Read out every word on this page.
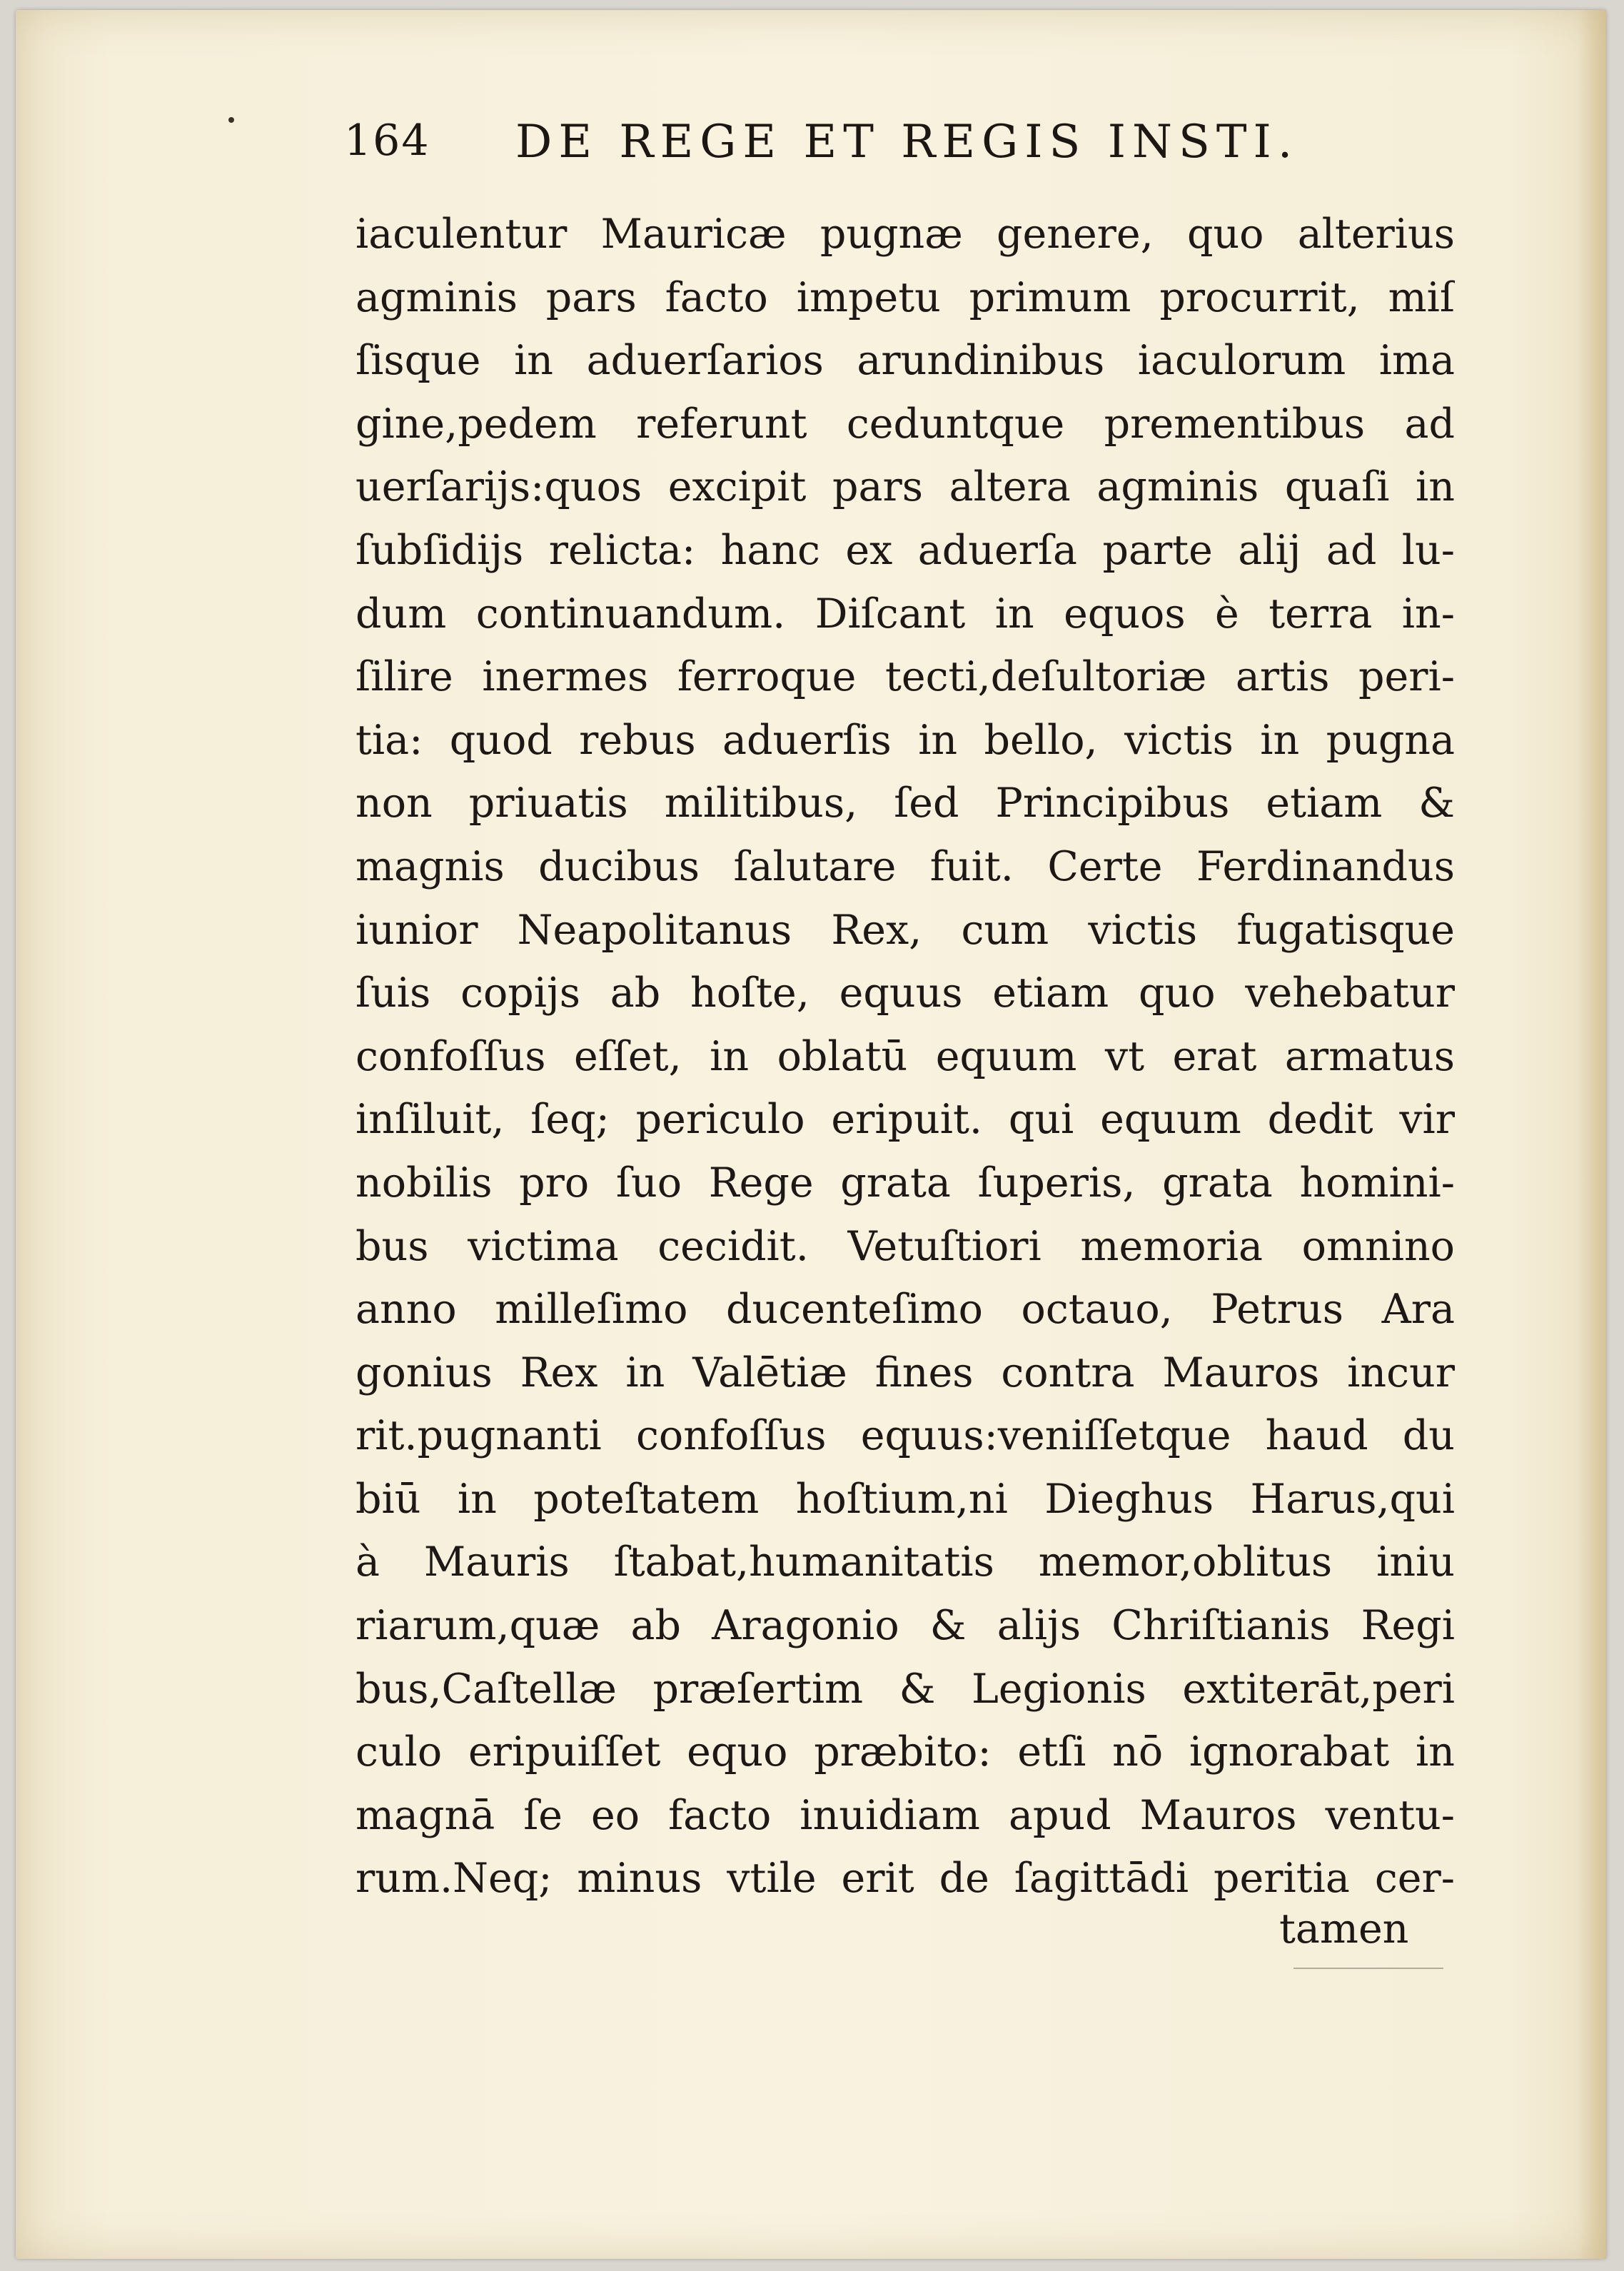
164 DE REGE ET REGIS INSTI.
iaculentur Mauricæ pugnæ genere, quo alterius
agminis pars facto impetu primum procurrit, miſ
ſisque in aduerſarios arundinibus iaculorum ima
gine,pedem referunt ceduntque prementibus ad
uerſarijs:quos excipit pars altera agminis quaſi in
ſubſidijs relicta: hanc ex aduerſa parte alij ad lu-
dum continuandum. Diſcant in equos è terra in-
ſilire inermes ferroque tecti,deſultoriæ artis peri-
tia: quod rebus aduerſis in bello, victis in pugna
non priuatis militibus, ſed Principibus etiam &
magnis ducibus ſalutare fuit. Certe Ferdinandus
iunior Neapolitanus Rex, cum victis fugatisque
ſuis copijs ab hoſte, equus etiam quo vehebatur
confoſſus eſſet, in oblatū equum vt erat armatus
inſiluit, ſeq; periculo eripuit. qui equum dedit vir
nobilis pro ſuo Rege grata ſuperis, grata homini-
bus victima cecidit. Vetuſtiori memoria omnino
anno milleſimo ducenteſimo octauo, Petrus Ara
gonius Rex in Valētiæ fines contra Mauros incur
rit.pugnanti confoſſus equus:veniſſetque haud du
biū in poteſtatem hoſtium,ni Dieghus Harus,qui
à Mauris ſtabat,humanitatis memor,oblitus iniu
riarum,quæ ab Aragonio & alijs Chriſtianis Regi
bus,Caſtellæ præſertim & Legionis extiterāt,peri
culo eripuiſſet equo præbito: etſi nō ignorabat in
magnā ſe eo facto inuidiam apud Mauros ventu-
rum.Neq; minus vtile erit de ſagittādi peritia cer-
tamen
